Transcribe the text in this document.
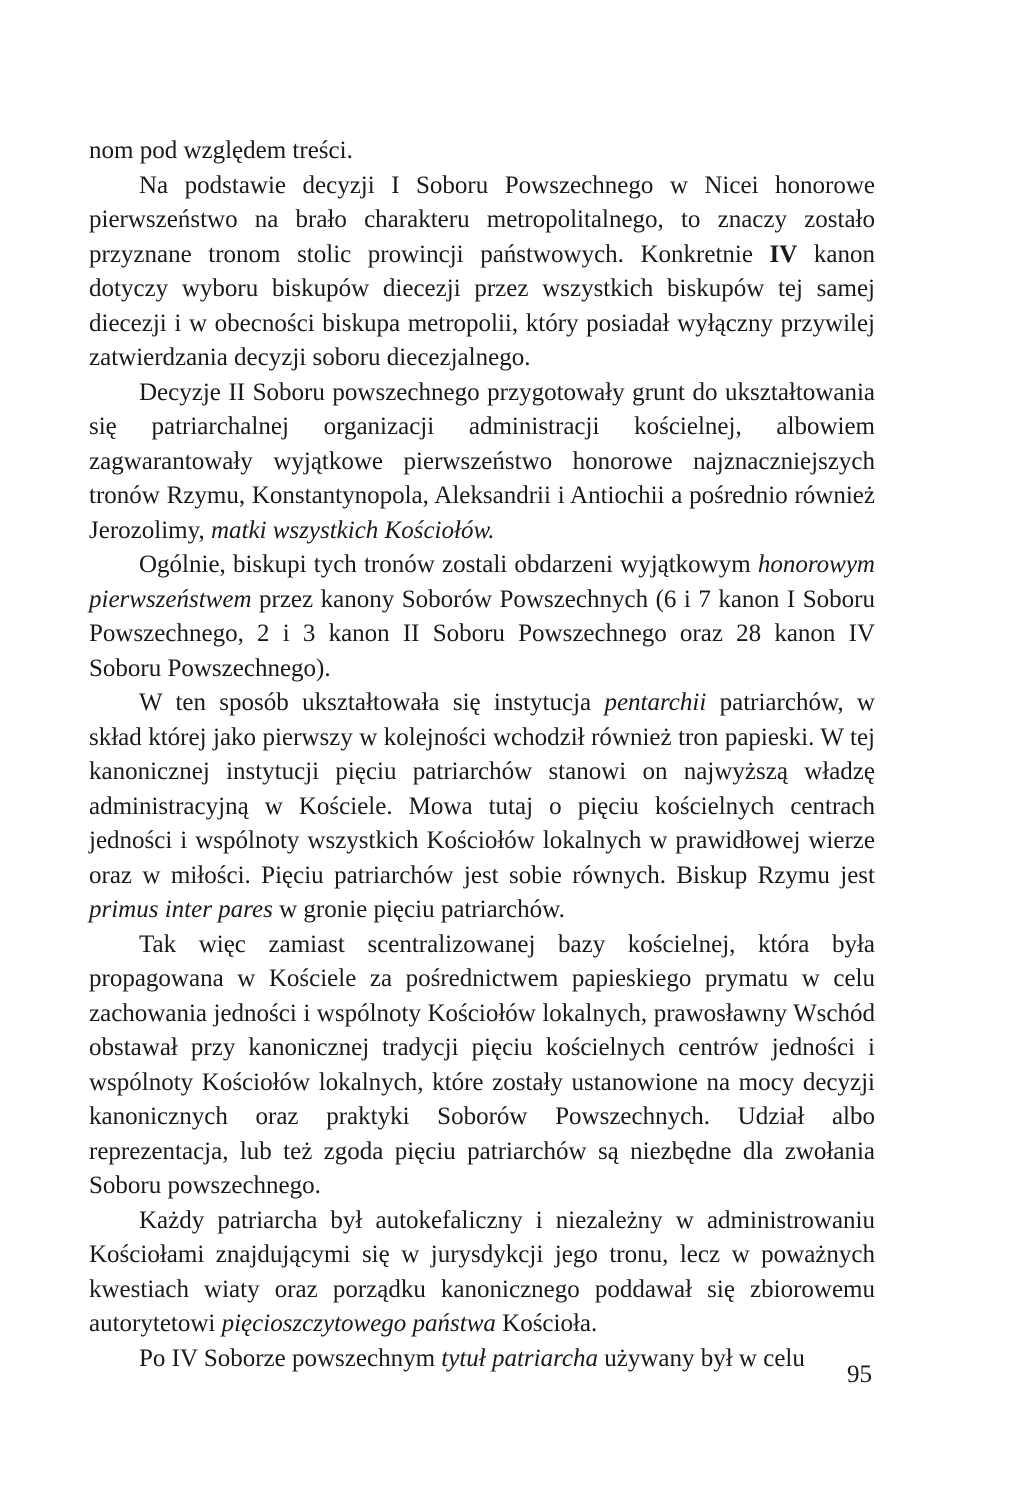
nom pod względem treści.

Na podstawie decyzji I Soboru Powszechnego w Nicei honorowe pierwszeństwo na brało charakteru metropolitalnego, to znaczy zostało przyznane tronom stolic prowincji państwowych. Konkretnie IV kanon dotyczy wyboru biskupów diecezji przez wszystkich biskupów tej samej diecezji i w obecności biskupa metropolii, który posiadał wyłączny przywilej zatwierdzania decyzji soboru diecezjalnego.

Decyzje II Soboru powszechnego przygotowały grunt do ukształtowania się patriarchalnej organizacji administracji kościelnej, albowiem zagwarantowały wyjątkowe pierwszeństwo honorowe najznaczniejszych tronów Rzymu, Konstantynopola, Aleksandrii i Antiochii a pośrednio również Jerozolimy, matki wszystkich Kościołów.

Ogólnie, biskupi tych tronów zostali obdarzeni wyjątkowym honorowym pierwszeństwem przez kanony Soborów Powszechnych (6 i 7 kanon I Soboru Powszechnego, 2 i 3 kanon II Soboru Powszechnego oraz 28 kanon IV Soboru Powszechnego).

W ten sposób ukształtowała się instytucja pentarchii patriarchów, w skład której jako pierwszy w kolejności wchodził również tron papieski. W tej kanonicznej instytucji pięciu patriarchów stanowi on najwyższą władzę administracyjną w Kościele. Mowa tutaj o pięciu kościelnych centrach jedności i wspólnoty wszystkich Kościołów lokalnych w prawidłowej wierze oraz w miłości. Pięciu patriarchów jest sobie równych. Biskup Rzymu jest primus inter pares w gronie pięciu patriarchów.

Tak więc zamiast scentralizowanej bazy kościelnej, która była propagowana w Kościele za pośrednictwem papieskiego prymatu w celu zachowania jedności i wspólnoty Kościołów lokalnych, prawosławny Wschód obstawał przy kanonicznej tradycji pięciu kościelnych centrów jedności i wspólnoty Kościołów lokalnych, które zostały ustanowione na mocy decyzji kanonicznych oraz praktyki Soborów Powszechnych. Udział albo reprezentacja, lub też zgoda pięciu patriarchów są niezbędne dla zwołania Soboru powszechnego.

Każdy patriarcha był autokefaliczny i niezależny w administrowaniu Kościołami znajdującymi się w jurysdykcji jego tronu, lecz w poważnych kwestiach wiaty oraz porządku kanonicznego poddawał się zbiorowemu autorytetowi pięcioszczytowego państwa Kościoła.

Po IV Soborze powszechnym tytuł patriarcha używany był w celu

95
